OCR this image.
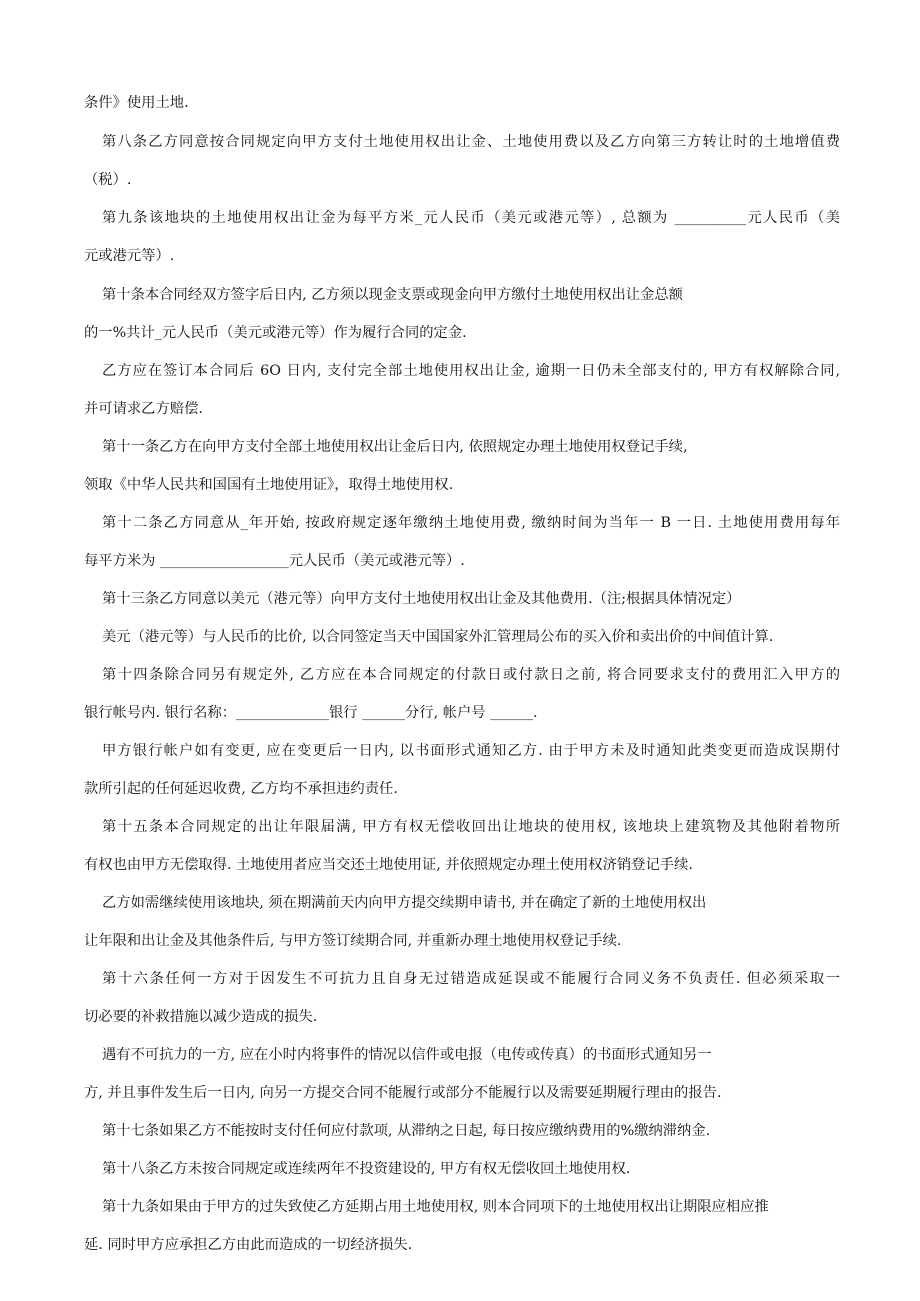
条件》使用土地.
第八条乙方同意按合同规定向甲方支付土地使用权出让金、土地使用费以及乙方向第三方转让时的土地增值费
（税）.
第九条该地块的土地使用权出让金为每平方米_元人民币（美元或港元等）, 总额为 __________元人民币（美
元或港元等）.
第十条本合同经双方签字后日内, 乙方须以现金支票或现金向甲方缴付土地使用权出让金总额
的一%共计_元人民币（美元或港元等）作为履行合同的定金.
乙方应在签订本合同后 6O 日内, 支付完全部土地使用权出让金, 逾期一日仍未全部支付的, 甲方有权解除合同,
并可请求乙方赔偿.
第十一条乙方在向甲方支付全部土地使用权出让金后日内, 依照规定办理土地使用权登记手续,
领取《中华人民共和国国有土地使用证》，取得土地使用权.
第十二条乙方同意从_年开始, 按政府规定逐年缴纳土地使用费, 缴纳时间为当年一 B 一日. 土地使用费用每年
每平方米为 __________________元人民币（美元或港元等）.
第十三条乙方同意以美元（港元等）向甲方支付土地使用权出让金及其他费用.（注;根据具体情况定）
美元（港元等）与人民币的比价, 以合同签定当天中国国家外汇管理局公布的买入价和卖出价的中间值计算.
第十四条除合同另有规定外, 乙方应在本合同规定的付款日或付款日之前, 将合同要求支付的费用汇入甲方的
银行帐号内. 银行名称：_____________银行 ______分行, 帐户号 ______.
甲方银行帐户如有变更, 应在变更后一日内, 以书面形式通知乙方. 由于甲方未及时通知此类变更而造成误期付
款所引起的任何延迟收费, 乙方均不承担违约责任.
第十五条本合同规定的出让年限届满, 甲方有权无偿收回出让地块的使用权, 该地块上建筑物及其他附着物所
有权也由甲方无偿取得. 土地使用者应当交还土地使用证, 并依照规定办理土使用权济销登记手续.
乙方如需继续使用该地块, 须在期满前天内向甲方提交续期申请书, 并在确定了新的土地使用权出
让年限和出让金及其他条件后, 与甲方签订续期合同, 并重新办理土地使用权登记手续.
第十六条任何一方对于因发生不可抗力且自身无过错造成延误或不能履行合同义务不负责任. 但必须采取一
切必要的补救措施以减少造成的损失.
遇有不可抗力的一方, 应在小时内将事件的情况以信件或电报（电传或传真）的书面形式通知另一
方, 并且事件发生后一日内, 向另一方提交合同不能履行或部分不能履行以及需要延期履行理由的报告.
第十七条如果乙方不能按时支付任何应付款项, 从滞纳之日起, 每日按应缴纳费用的%缴纳滞纳金.
第十八条乙方未按合同规定或连续两年不投资建设的, 甲方有权无偿收回土地使用权.
第十九条如果由于甲方的过失致使乙方延期占用土地使用权, 则本合同项下的土地使用权出让期限应相应推
延. 同时甲方应承担乙方由此而造成的一切经济损失.
